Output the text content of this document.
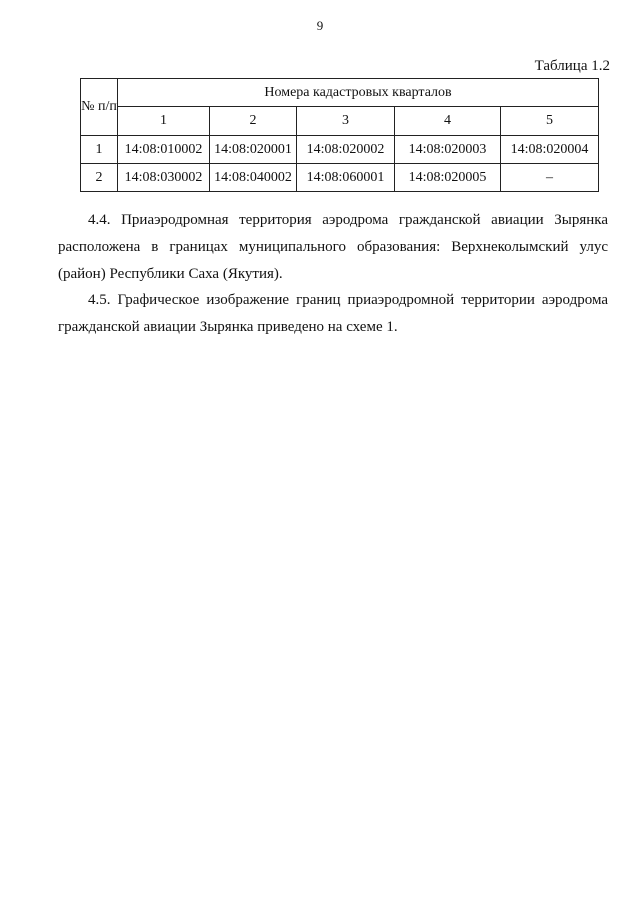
9
Таблица 1.2
№ п/п	Номера кадастровых кварталов				
	1	2	3	4	5
1	14:08:010002	14:08:020001	14:08:020002	14:08:020003	14:08:020004
2	14:08:030002	14:08:040002	14:08:060001	14:08:020005	–

4.4. Приаэродромная территория аэродрома гражданской авиации Зырянка расположена в границах муниципального образования: Верхнеколымский улус (район) Республики Саха (Якутия).

4.5. Графическое изображение границ приаэродромной территории аэродрома гражданской авиации Зырянка приведено на схеме 1.
